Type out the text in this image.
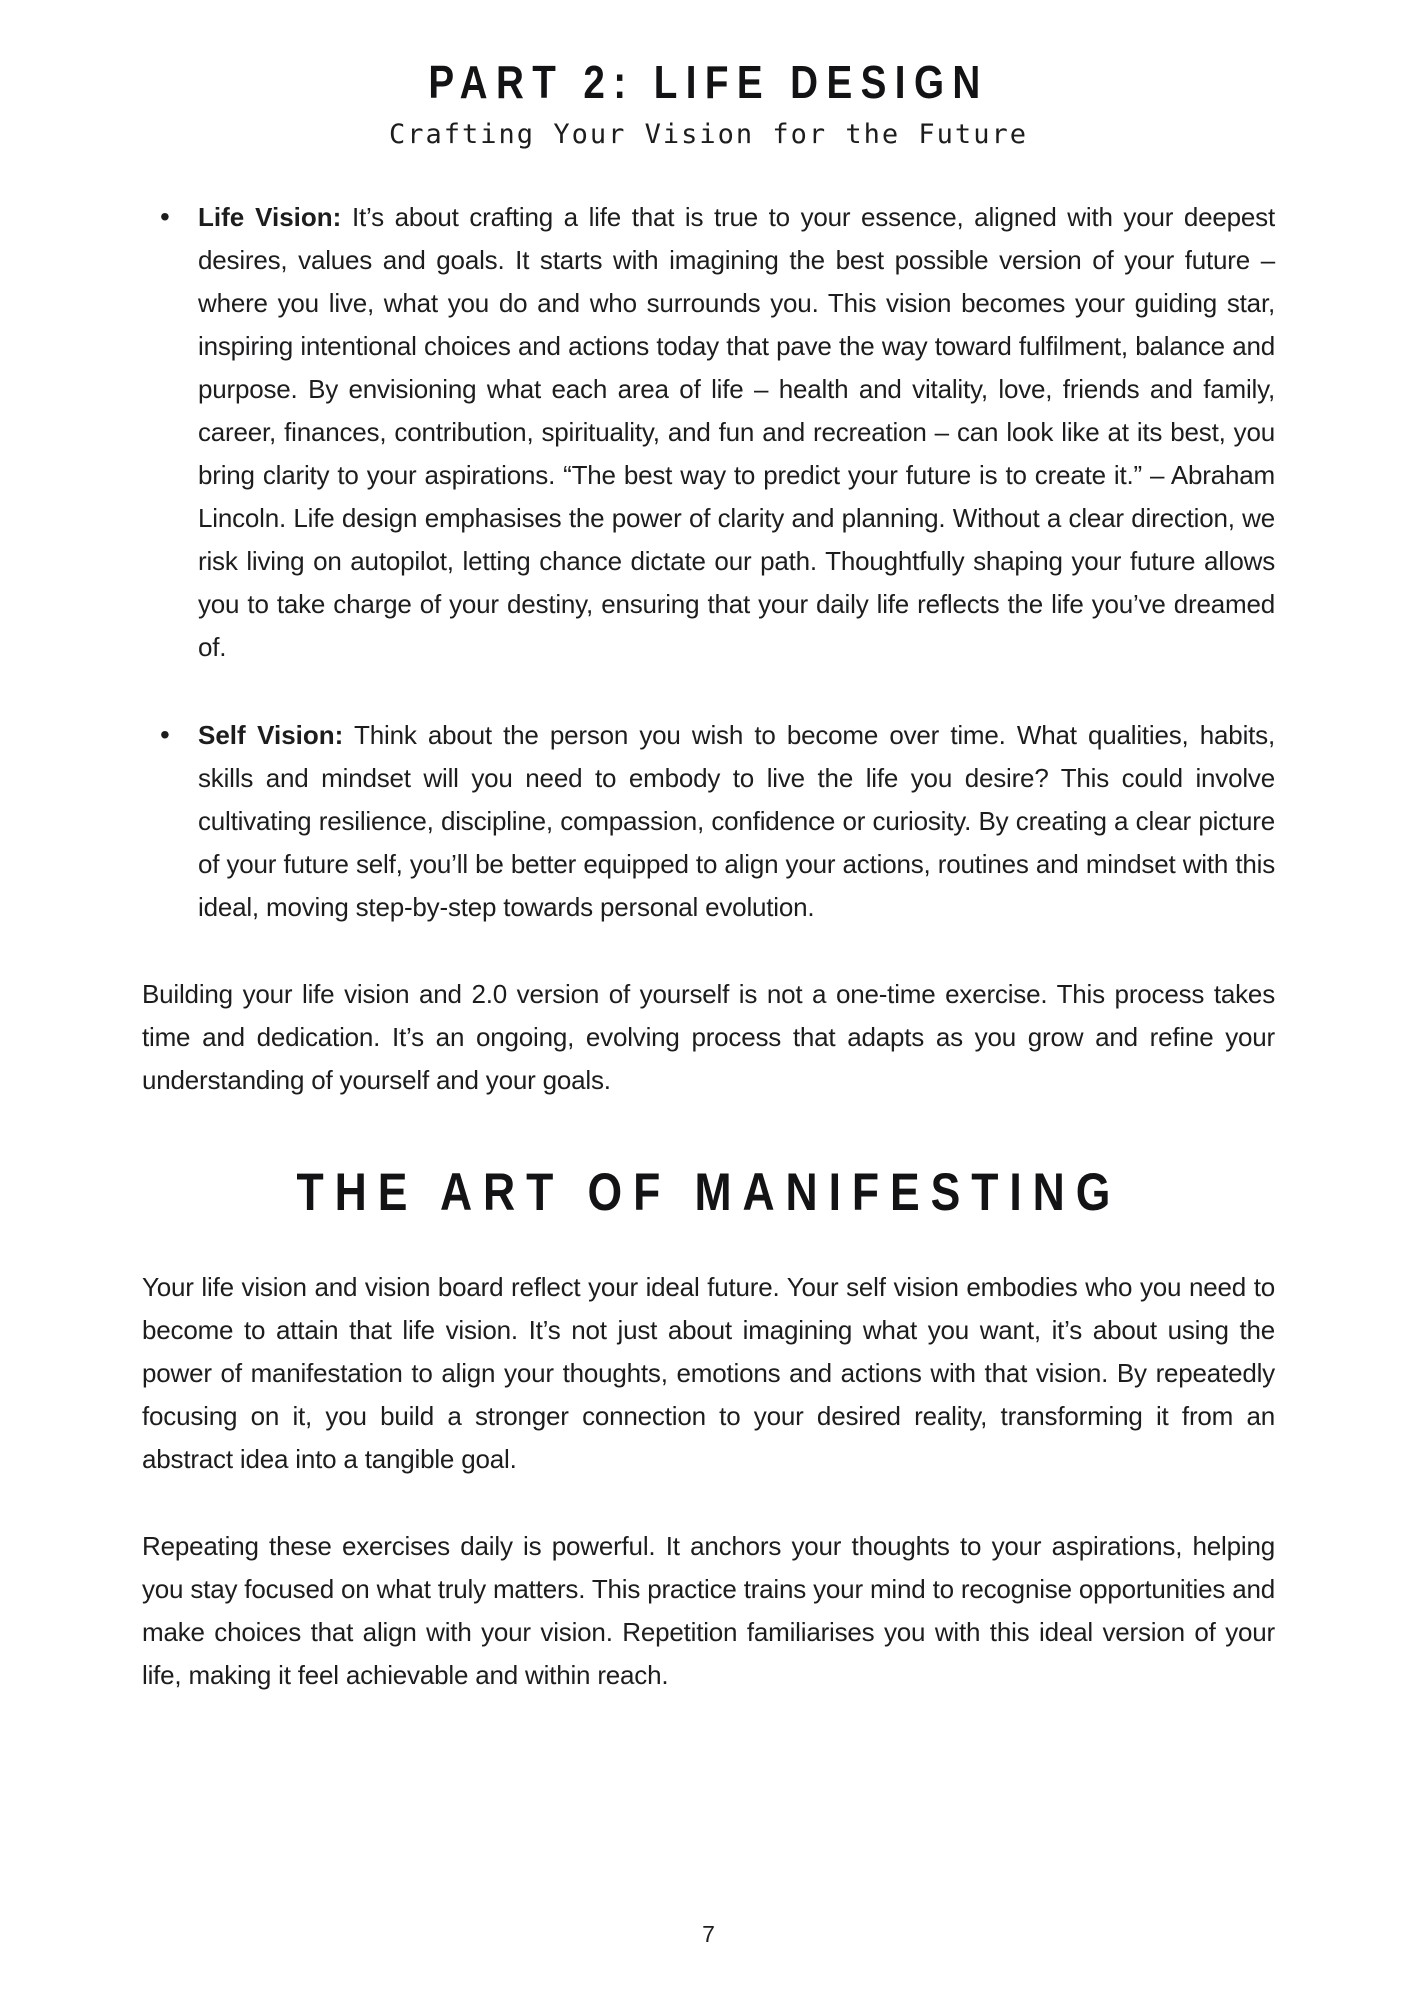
PART 2: LIFE DESIGN
Crafting Your Vision for the Future
• Life Vision: It’s about crafting a life that is true to your essence, aligned with your deepest desires, values and goals. It starts with imagining the best possible version of your future – where you live, what you do and who surrounds you. This vision becomes your guiding star, inspiring intentional choices and actions today that pave the way toward fulfilment, balance and purpose. By envisioning what each area of life – health and vitality, love, friends and family, career, finances, contribution, spirituality, and fun and recreation – can look like at its best, you bring clarity to your aspirations. “The best way to predict your future is to create it.” – Abraham Lincoln. Life design emphasises the power of clarity and planning. Without a clear direction, we risk living on autopilot, letting chance dictate our path. Thoughtfully shaping your future allows you to take charge of your destiny, ensuring that your daily life reflects the life you’ve dreamed of.
• Self Vision: Think about the person you wish to become over time. What qualities, habits, skills and mindset will you need to embody to live the life you desire? This could involve cultivating resilience, discipline, compassion, confidence or curiosity. By creating a clear picture of your future self, you’ll be better equipped to align your actions, routines and mindset with this ideal, moving step-by-step towards personal evolution.

Building your life vision and 2.0 version of yourself is not a one-time exercise. This process takes time and dedication. It’s an ongoing, evolving process that adapts as you grow and refine your understanding of yourself and your goals.

THE ART OF MANIFESTING

Your life vision and vision board reflect your ideal future. Your self vision embodies who you need to become to attain that life vision. It’s not just about imagining what you want, it’s about using the power of manifestation to align your thoughts, emotions and actions with that vision. By repeatedly focusing on it, you build a stronger connection to your desired reality, transforming it from an abstract idea into a tangible goal.

Repeating these exercises daily is powerful. It anchors your thoughts to your aspirations, helping you stay focused on what truly matters. This practice trains your mind to recognise opportunities and make choices that align with your vision. Repetition familiarises you with this ideal version of your life, making it feel achievable and within reach.

7
